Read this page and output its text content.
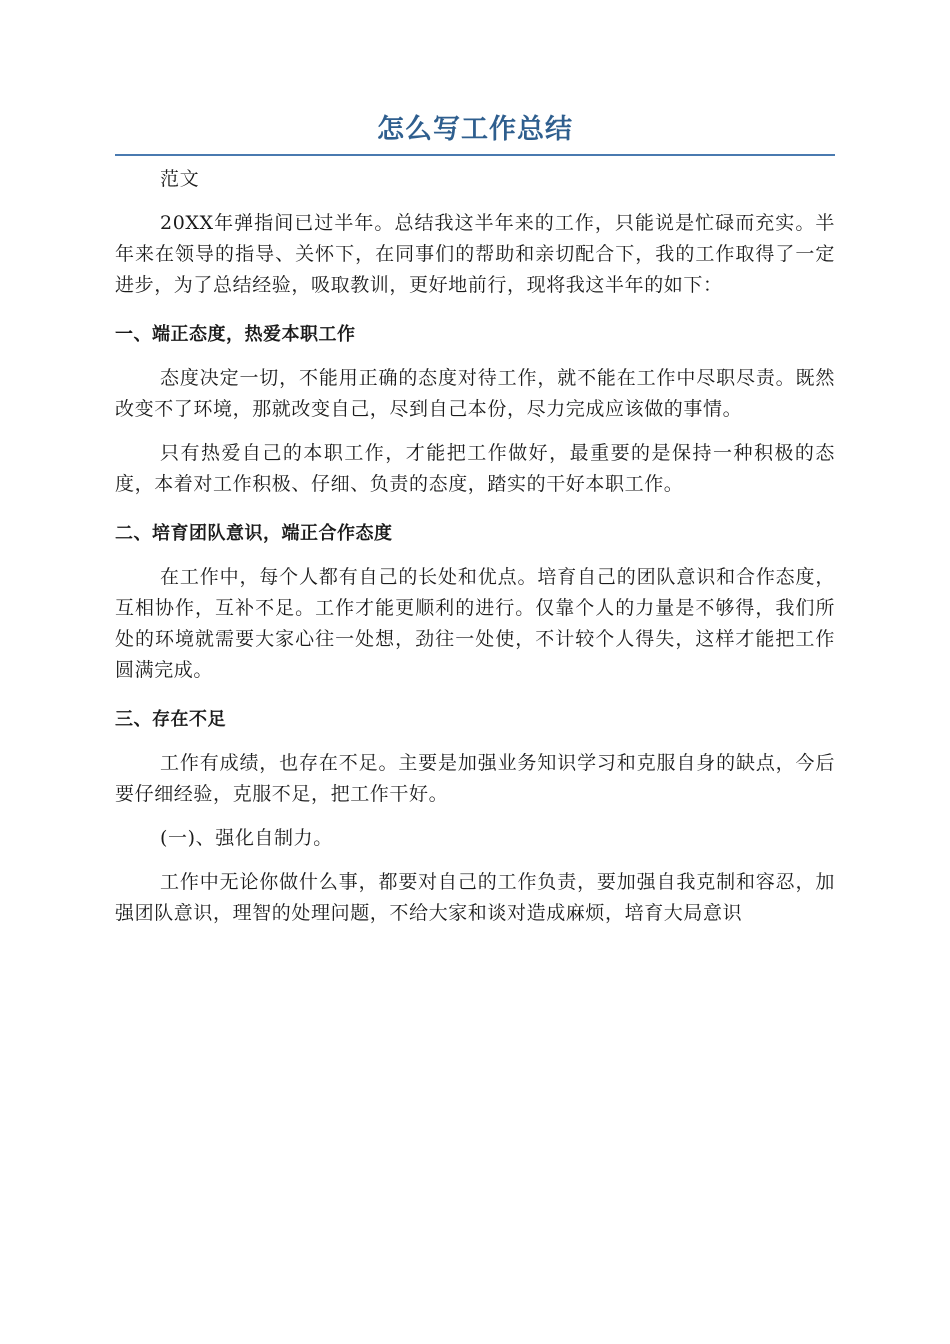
怎么写工作总结

范文

20XX年弹指间已过半年。总结我这半年来的工作，只能说是忙碌而充实。半年来在领导的指导、关怀下，在同事们的帮助和亲切配合下，我的工作取得了一定进步，为了总结经验，吸取教训，更好地前行，现将我这半年的如下：

一、端正态度，热爱本职工作

态度决定一切，不能用正确的态度对待工作，就不能在工作中尽职尽责。既然改变不了环境，那就改变自己，尽到自己本份，尽力完成应该做的事情。

只有热爱自己的本职工作，才能把工作做好，最重要的是保持一种积极的态度，本着对工作积极、仔细、负责的态度，踏实的干好本职工作。

二、培育团队意识，端正合作态度

在工作中，每个人都有自己的长处和优点。培育自己的团队意识和合作态度，互相协作，互补不足。工作才能更顺利的进行。仅靠个人的力量是不够得，我们所处的环境就需要大家心往一处想，劲往一处使，不计较个人得失，这样才能把工作圆满完成。

三、存在不足

工作有成绩，也存在不足。主要是加强业务知识学习和克服自身的缺点，今后要仔细经验，克服不足，把工作干好。

(一)、强化自制力。

工作中无论你做什么事，都要对自己的工作负责，要加强自我克制和容忍，加强团队意识，理智的处理问题，不给大家和谈对造成麻烦，培育大局意识
